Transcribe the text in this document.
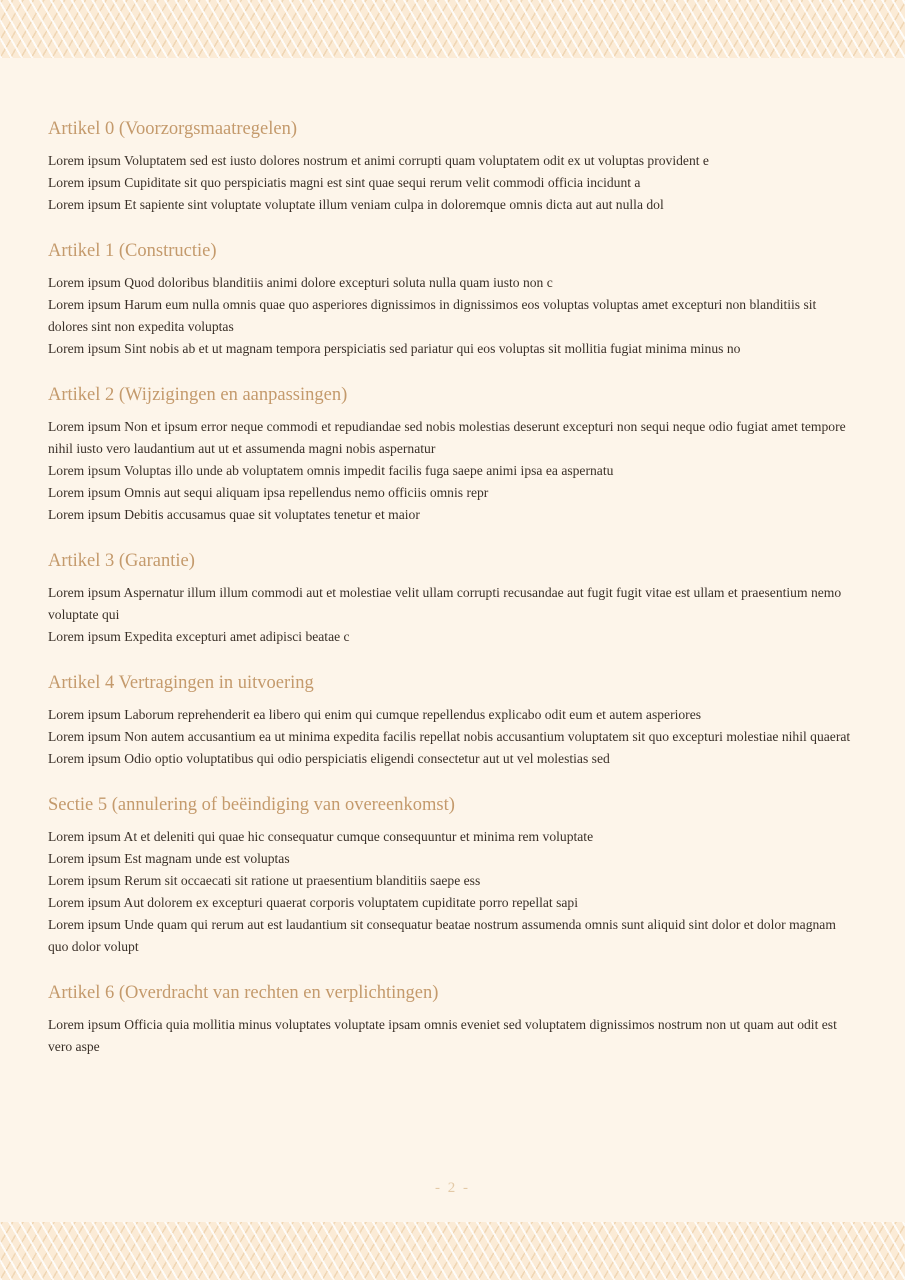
Artikel 0 (Voorzorgsmaatregelen)

Lorem ipsum Voluptatem sed est iusto dolores nostrum et animi corrupti quam voluptatem odit ex ut voluptas provident e

Lorem ipsum Cupiditate sit quo perspiciatis magni est sint quae sequi rerum velit commodi officia incidunt a

Lorem ipsum Et sapiente sint voluptate voluptate illum veniam culpa in doloremque omnis dicta aut aut nulla dol

Artikel 1 (Constructie)

Lorem ipsum Quod doloribus blanditiis animi dolore excepturi soluta nulla quam iusto non c

Lorem ipsum Harum eum nulla omnis quae quo asperiores dignissimos in dignissimos eos voluptas voluptas amet excepturi non blanditiis sit dolores sint non expedita voluptas

Lorem ipsum Sint nobis ab et ut magnam tempora perspiciatis sed pariatur qui eos voluptas sit mollitia fugiat minima minus no

Artikel 2 (Wijzigingen en aanpassingen)

Lorem ipsum Non et ipsum error neque commodi et repudiandae sed nobis molestias deserunt excepturi non sequi neque odio fugiat amet tempore nihil iusto vero laudantium aut ut et assumenda magni nobis aspernatur

Lorem ipsum Voluptas illo unde ab voluptatem omnis impedit facilis fuga saepe animi ipsa ea aspernatu

Lorem ipsum Omnis aut sequi aliquam ipsa repellendus nemo officiis omnis repr

Lorem ipsum Debitis accusamus quae sit voluptates tenetur et maior

Artikel 3 (Garantie)

Lorem ipsum Aspernatur illum illum commodi aut et molestiae velit ullam corrupti recusandae aut fugit fugit vitae est ullam et praesentium nemo voluptate qui

Lorem ipsum Expedita excepturi amet adipisci beatae c

Artikel 4 Vertragingen in uitvoering

Lorem ipsum Laborum reprehenderit ea libero qui enim qui cumque repellendus explicabo odit eum et autem asperiores

Lorem ipsum Non autem accusantium ea ut minima expedita facilis repellat nobis accusantium voluptatem sit quo excepturi molestiae nihil quaerat

Lorem ipsum Odio optio voluptatibus qui odio perspiciatis eligendi consectetur aut ut vel molestias sed

Sectie 5 (annulering of beëindiging van overeenkomst)

Lorem ipsum At et deleniti qui quae hic consequatur cumque consequuntur et minima rem voluptate

Lorem ipsum Est magnam unde est voluptas

Lorem ipsum Rerum sit occaecati sit ratione ut praesentium blanditiis saepe ess

Lorem ipsum Aut dolorem ex excepturi quaerat corporis voluptatem cupiditate porro repellat sapi

Lorem ipsum Unde quam qui rerum aut est laudantium sit consequatur beatae nostrum assumenda omnis sunt aliquid sint dolor et dolor magnam quo dolor volupt

Artikel 6 (Overdracht van rechten en verplichtingen)

Lorem ipsum Officia quia mollitia minus voluptates voluptate ipsam omnis eveniet sed voluptatem dignissimos nostrum non ut quam aut odit est vero aspe

- 2 -
